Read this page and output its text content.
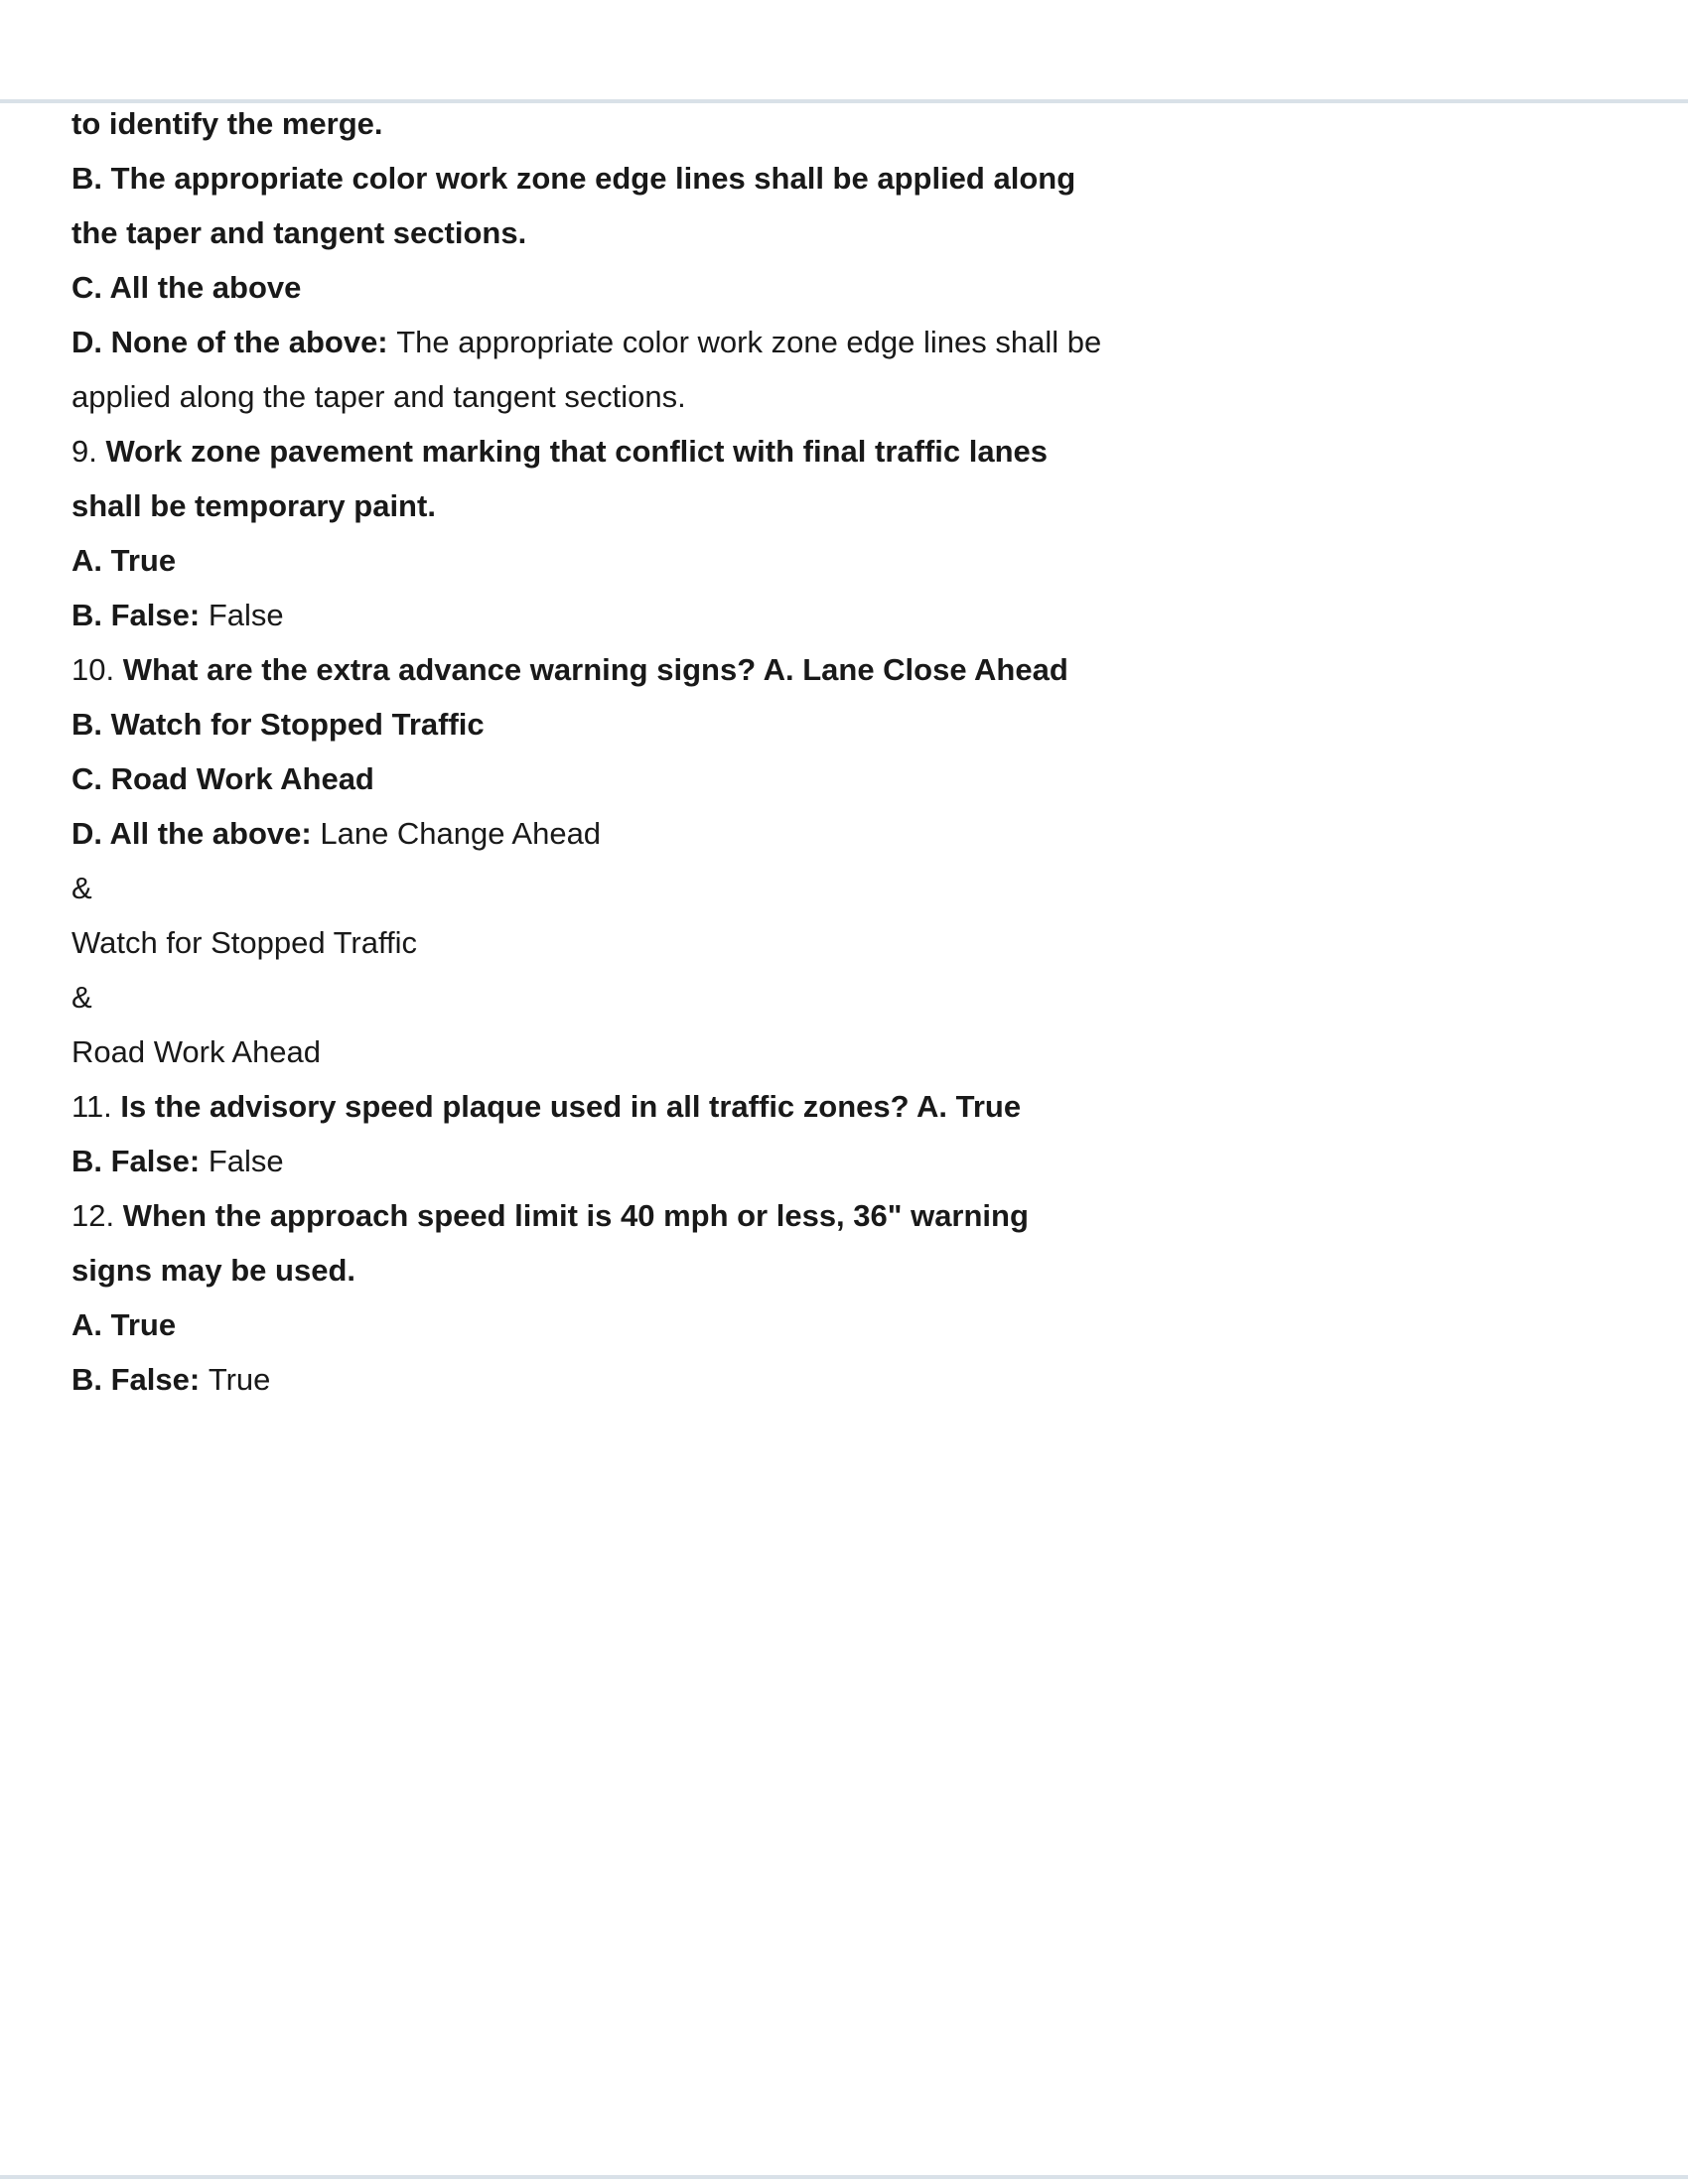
to identify the merge.
B. The appropriate color work zone edge lines shall be applied along
the taper and tangent sections.
C. All the above
D. None of the above: The appropriate color work zone edge lines shall be
applied along the taper and tangent sections.
9. Work zone pavement marking that conflict with final traffic lanes
shall be temporary paint.
A. True
B. False: False
10. What are the extra advance warning signs? A. Lane Close Ahead
B. Watch for Stopped Traffic
C. Road Work Ahead
D. All the above: Lane Change Ahead
&
Watch for Stopped Traffic
&
Road Work Ahead
11. Is the advisory speed plaque used in all traffic zones? A. True
B. False: False
12. When the approach speed limit is 40 mph or less, 36" warning
signs may be used.
A. True
B. False: True
